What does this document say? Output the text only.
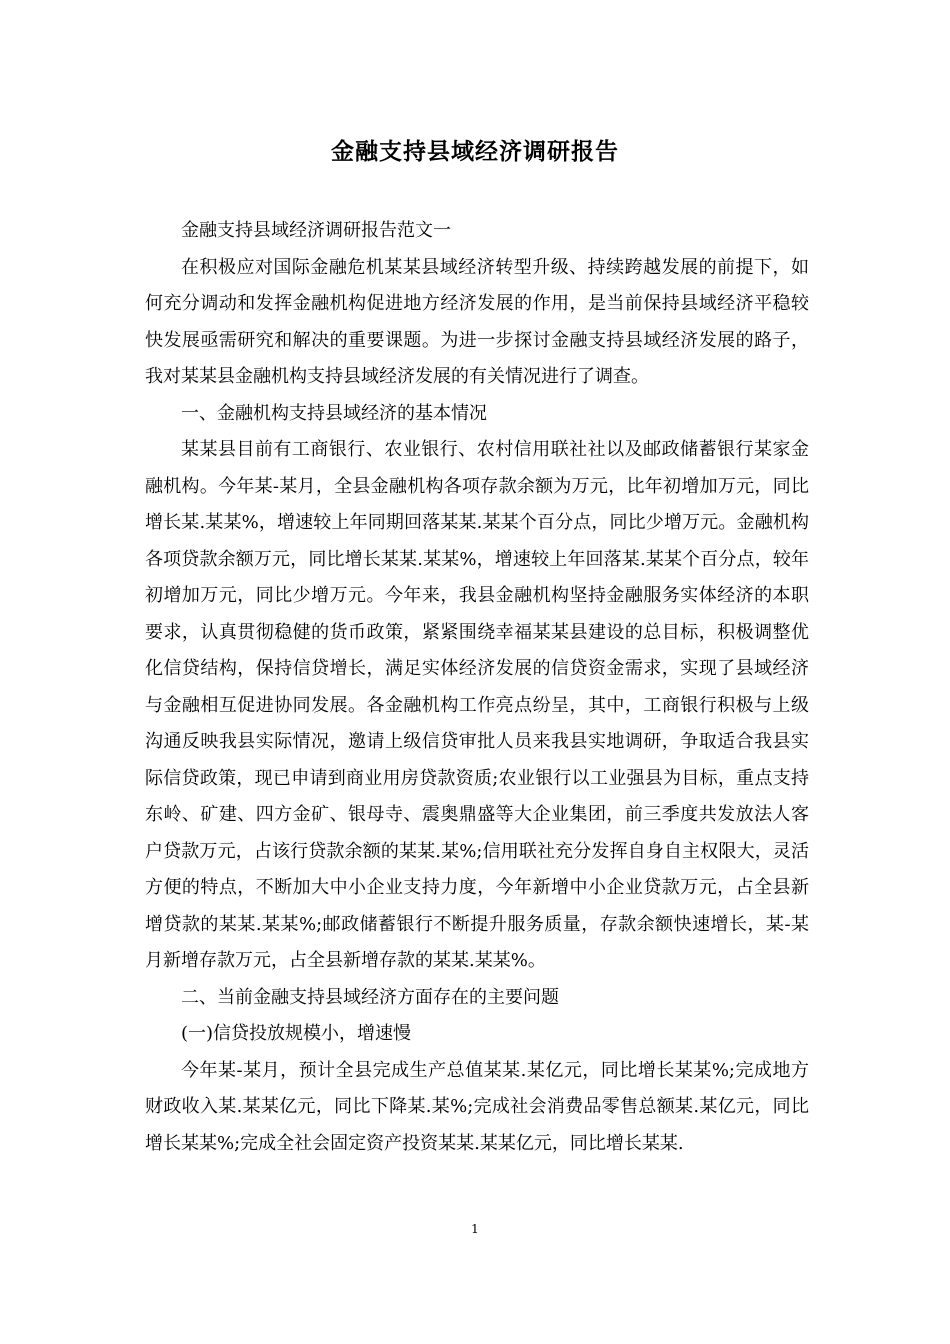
金融支持县域经济调研报告

金融支持县域经济调研报告范文一

在积极应对国际金融危机某某县域经济转型升级、持续跨越发展的前提下，如何充分调动和发挥金融机构促进地方经济发展的作用，是当前保持县域经济平稳较快发展亟需研究和解决的重要课题。为进一步探讨金融支持县域经济发展的路子，我对某某县金融机构支持县域经济发展的有关情况进行了调查。

一、金融机构支持县域经济的基本情况

某某县目前有工商银行、农业银行、农村信用联社社以及邮政储蓄银行某家金融机构。今年某-某月，全县金融机构各项存款余额为万元，比年初增加万元，同比增长某.某某%，增速较上年同期回落某某.某某个百分点，同比少增万元。金融机构各项贷款余额万元，同比增长某某.某某%，增速较上年回落某.某某个百分点，较年初增加万元，同比少增万元。今年来，我县金融机构坚持金融服务实体经济的本职要求，认真贯彻稳健的货币政策，紧紧围绕幸福某某县建设的总目标，积极调整优化信贷结构，保持信贷增长，满足实体经济发展的信贷资金需求，实现了县域经济与金融相互促进协同发展。各金融机构工作亮点纷呈，其中，工商银行积极与上级沟通反映我县实际情况，邀请上级信贷审批人员来我县实地调研，争取适合我县实际信贷政策，现已申请到商业用房贷款资质;农业银行以工业强县为目标，重点支持东岭、矿建、四方金矿、银母寺、震奥鼎盛等大企业集团，前三季度共发放法人客户贷款万元，占该行贷款余额的某某.某%;信用联社充分发挥自身自主权限大，灵活方便的特点，不断加大中小企业支持力度，今年新增中小企业贷款万元，占全县新增贷款的某某.某某%;邮政储蓄银行不断提升服务质量，存款余额快速增长，某-某月新增存款万元，占全县新增存款的某某.某某%。

二、当前金融支持县域经济方面存在的主要问题

(一)信贷投放规模小，增速慢

今年某-某月，预计全县完成生产总值某某.某亿元，同比增长某某%;完成地方财政收入某.某某亿元，同比下降某.某%;完成社会消费品零售总额某.某亿元，同比增长某某%;完成全社会固定资产投资某某.某某亿元，同比增长某某.

1
